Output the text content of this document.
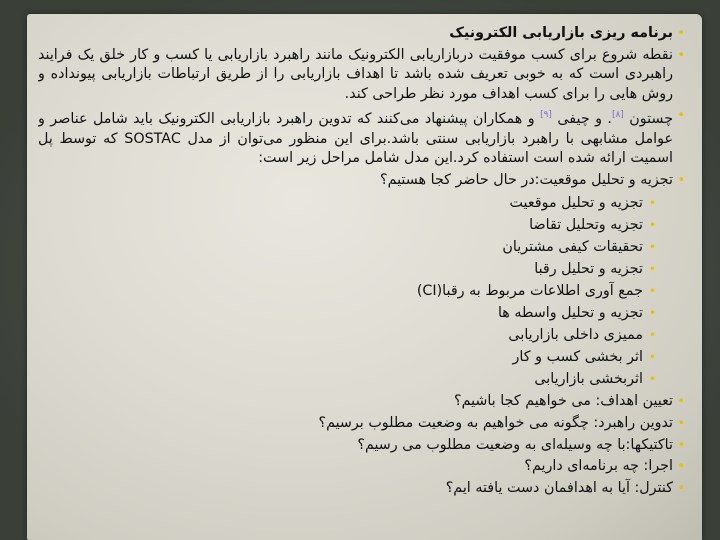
• برنامه ریزی بازاریابی الکترونیک
• نقطه شروع برای کسب موفقیت دربازاریابی الکترونیک مانند راهبرد بازاریابی یا کسب و کار خلق یک فرایند راهبردی است که به خوبی تعریف شده باشد تا اهداف بازاریابی را از طریق ارتباطات بازاریابی پیونداده و روش هایی را برای کسب اهداف مورد نظر طراحی کند.
• چستون [۸]. و چیفی [۹] و همکاران پیشنهاد می‌کنند که تدوین راهبرد بازاریابی الکترونیک باید شامل عناصر و عوامل مشابهی با راهبرد بازاریابی سنتی باشد.برای این منظور می‌توان از مدل SOSTAC که توسط پل اسمیت ارائه شده است استفاده کرد.این مدل شامل مراحل زیر است:
• تجزیه و تحلیل موقعیت:در حال حاضر کجا هستیم؟
• تجزیه و تحلیل موقعیت
• تجزیه وتحلیل تقاضا
• تحقیقات کیفی مشتریان
• تجزیه و تحلیل رقبا
• جمع آوری اطلاعات مربوط به رقبا(CI)
• تجزیه و تحلیل واسطه ها
• ممیزی داخلی بازاریابی
• اثر بخشی کسب و کار
• اثربخشی بازاریابی
• تعیین اهداف: می خواهیم کجا باشیم؟
• تدوین راهبرد: چگونه می خواهیم به وضعیت مطلوب برسیم؟
• تاکتیکها:با چه وسیله‌ای به وضعیت مطلوب می رسیم؟
• اجرا: چه برنامه‌ای داریم؟
• کنترل: آیا به اهدافمان دست یافته ایم؟
